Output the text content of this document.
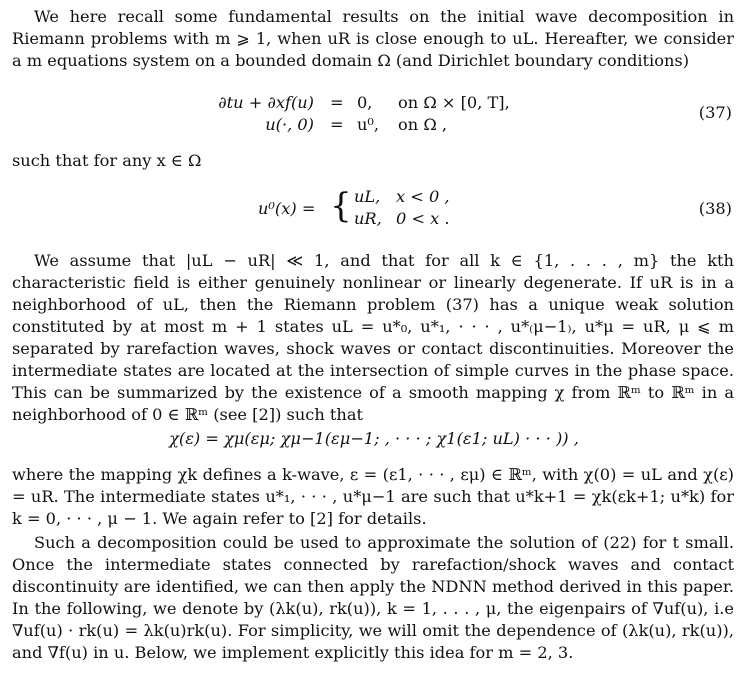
We here recall some fundamental results on the initial wave decomposition in Riemann problems with m ⩾ 1, when uR is close enough to uL. Hereafter, we consider a m equations system on a bounded domain Ω (and Dirichlet boundary conditions)

∂tu + ∂xf(u) = 0, on Ω × [0, T],
u(·, 0) = u⁰, on Ω ,
(37)

such that for any x ∈ Ω

u⁰(x) = { uL, x < 0 ,
uR, 0 < x .
(38)

We assume that |uL − uR| ≪ 1, and that for all k ∈ {1, . . . , m} the kth characteristic field is either genuinely nonlinear or linearly degenerate. If uR is in a neighborhood of uL, then the Riemann problem (37) has a unique weak solution constituted by at most m + 1 states uL = u*₀, u*₁, · · · , u*₍μ−1₎, u*μ = uR, μ ⩽ m separated by rarefaction waves, shock waves or contact discontinuities. Moreover the intermediate states are located at the intersection of simple curves in the phase space. This can be summarized by the existence of a smooth mapping χ from ℝᵐ to ℝᵐ in a neighborhood of 0 ∈ ℝᵐ (see [2]) such that

χ(ε) = χμ(εμ; χμ−1(εμ−1; , · · · ; χ1(ε1; uL) · · · )) ,

where the mapping χk defines a k-wave, ε = (ε1, · · · , εμ) ∈ ℝᵐ, with χ(0) = uL and χ(ε) = uR. The intermediate states u*₁, · · · , u*μ−1 are such that u*k+1 = χk(εk+1; u*k) for k = 0, · · · , μ − 1. We again refer to [2] for details.

Such a decomposition could be used to approximate the solution of (22) for t small. Once the intermediate states connected by rarefaction/shock waves and contact discontinuity are identified, we can then apply the NDNN method derived in this paper. In the following, we denote by (λk(u), rk(u)), k = 1, . . . , μ, the eigenpairs of ∇uf(u), i.e ∇uf(u) · rk(u) = λk(u)rk(u). For simplicity, we will omit the dependence of (λk(u), rk(u)), and ∇f(u) in u. Below, we implement explicitly this idea for m = 2, 3.
